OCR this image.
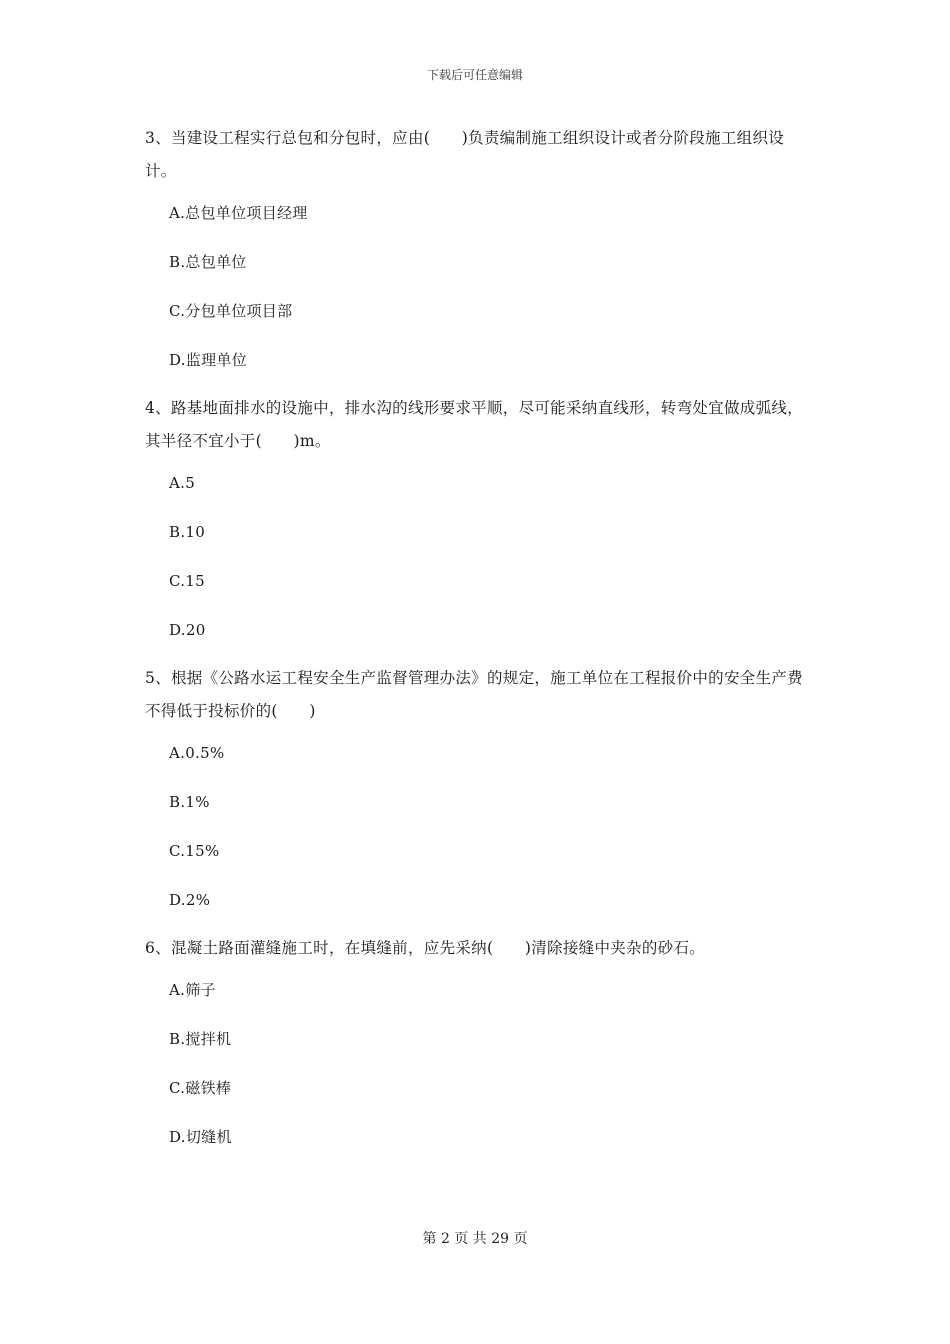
下载后可任意编辑

3、当建设工程实行总包和分包时，应由(　　)负责编制施工组织设计或者分阶段施工组织设计。

A.总包单位项目经理
B.总包单位
C.分包单位项目部
D.监理单位

4、路基地面排水的设施中，排水沟的线形要求平顺，尽可能采纳直线形，转弯处宜做成弧线，其半径不宜小于(　　)m。

A.5
B.10
C.15
D.20

5、根据《公路水运工程安全生产监督管理办法》的规定，施工单位在工程报价中的安全生产费不得低于投标价的(　　)

A.0.5%
B.1%
C.15%
D.2%

6、混凝土路面灌缝施工时，在填缝前，应先采纳(　　)清除接缝中夹杂的砂石。

A.筛子
B.搅拌机
C.磁铁棒
D.切缝机
第 2 页 共 29 页
